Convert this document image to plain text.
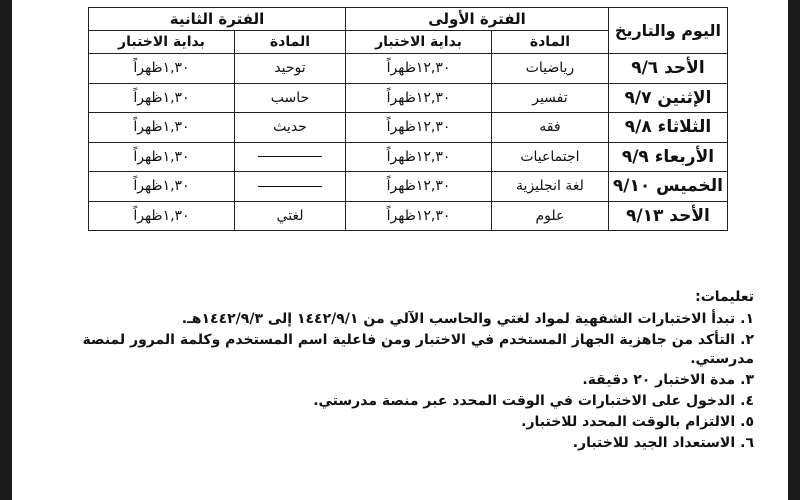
اليوم والتاريخ	الفترة الأولى		الفترة الثانية	
	المادة	بداية الاختبار	المادة	بداية الاختبار
الأحد ٩/٦	رياضيات	١٢,٣٠ظهراً	توحيد	١,٣٠ظهراً
الإثنين ٩/٧	تفسير	١٢,٣٠ظهراً	حاسب	١,٣٠ظهراً
الثلاثاء ٩/٨	فقه	١٢,٣٠ظهراً	حديث	١,٣٠ظهراً
الأربعاء ٩/٩	اجتماعيات	١٢,٣٠ظهراً		١,٣٠ظهراً
الخميس ٩/١٠	لغة انجليزية	١٢,٣٠ظهراً		١,٣٠ظهراً
الأحد ٩/١٣	علوم	١٢,٣٠ظهراً	لغتي	١,٣٠ظهراً
تعليمات:
١. تبدأ الاختبارات الشفهية لمواد لغتي والحاسب الآلي من ١٤٤٢/٩/١ إلى ١٤٤٢/٩/٣هـ.
٢. التأكد من جاهزية الجهاز المستخدم في الاختبار ومن فاعلية اسم المستخدم وكلمة المرور لمنصة مدرستي.
٣. مدة الاختبار ٢٠ دقيقة.
٤. الدخول على الاختبارات في الوقت المحدد عبر منصة مدرستي.
٥. الالتزام بالوقت المحدد للاختبار.
٦. الاستعداد الجيد للاختبار.
